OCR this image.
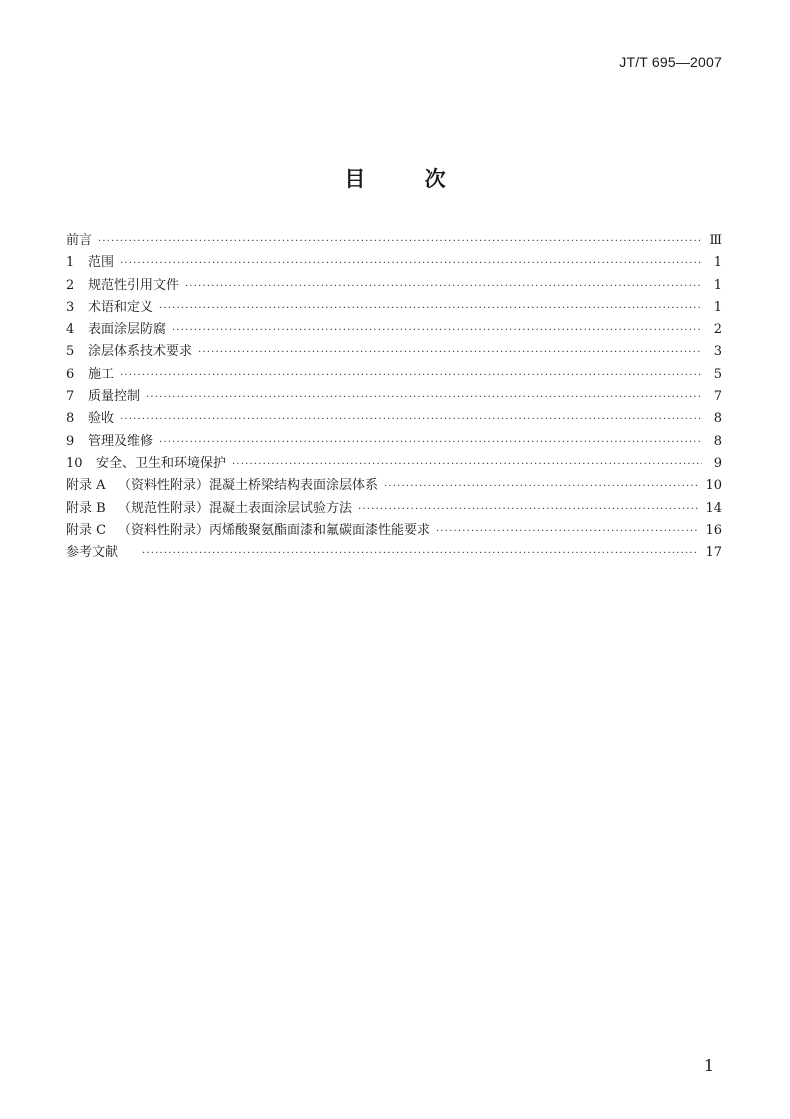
JT/T 695—2007
目	次
前言 ·····	Ⅲ
1	范围 ·····	1
2	规范性引用文件 ·····	1
3	术语和定义 ·····	1
4	表面涂层防腐 ·····	2
5	涂层体系技术要求 ·····	3
6	施工 ·····	5
7	质量控制 ·····	7
8	验收 ·····	8
9	管理及维修 ·····	8
10	安全、卫生和环境保护 ·····	9
附录 A （资料性附录）混凝土桥梁结构表面涂层体系 ·····	10
附录 B （规范性附录）混凝土表面涂层试验方法 ·····	14
附录 C （资料性附录）丙烯酸聚氨酯面漆和氟碳面漆性能要求 ·····	16
参考文献 ·····	17
1
